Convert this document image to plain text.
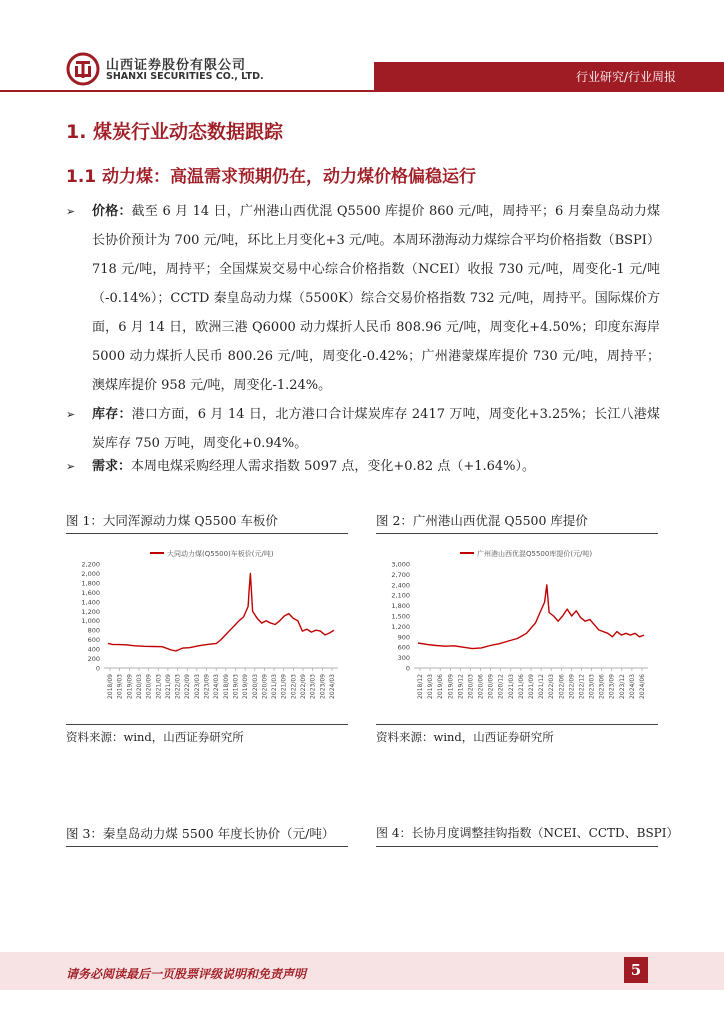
山西证券股份有限公司
SHANXI SECURITIES CO., LTD.	行业研究/行业周报
1. 煤炭行业动态数据跟踪
1.1 动力煤：高温需求预期仍在，动力煤价格偏稳运行
➢	价格：截至 6 月 14 日，广州港山西优混 Q5500 库提价 860 元/吨，周持平；6 月秦皇岛动力煤长协价预计为 700 元/吨，环比上月变化+3 元/吨。本周环渤海动力煤综合平均价格指数（BSPI）718 元/吨，周持平；全国煤炭交易中心综合价格指数（NCEI）收报 730 元/吨，周变化-1 元/吨（-0.14%）；CCTD 秦皇岛动力煤（5500K）综合交易价格指数 732 元/吨，周持平。国际煤价方面，6 月 14 日，欧洲三港 Q6000 动力煤折人民币 808.96 元/吨，周变化+4.50%；印度东海岸 5000 动力煤折人民币 800.26 元/吨，周变化-0.42%；广州港蒙煤库提价 730 元/吨，周持平；澳煤库提价 958 元/吨，周变化-1.24%。
➢	库存：港口方面，6 月 14 日，北方港口合计煤炭库存 2417 万吨，周变化+3.25%；长江八港煤炭库存 750 万吨，周变化+0.94%。
➢	需求：本周电煤采购经理人需求指数 5097 点，变化+0.82 点（+1.64%）。
图 1：大同浑源动力煤 Q5500 车板价	图 2：广州港山西优混 Q5500 库提价
大同动力煤(Q5500)车板价(元/吨)
0
200
400
600
800
1,000
1,200
1,400
1,600
1,800
2,000
2,200
2018/09 2019/03 2019/09 2020/03 2020/09 2021/03 2021/09 2022/03 2022/09 2023/03 2023/09 2024/03 2018/09 2019/03 2019/09 2020/03 2020/09 2021/03 2021/09 2022/03 2022/09 2023/03 2023/09 2024/03
广州港山西优混Q5500库提价(元/吨)
0
300
600
900
1,200
1,500
1,800
2,100
2,400
2,700
3,000
2018/12 2019/03 2019/06 2019/09 2019/12 2020/03 2020/06 2020/09 2020/12 2021/03 2021/06 2021/09 2021/12 2022/03 2022/06 2022/09 2022/12 2023/03 2023/06 2023/09 2023/12 2024/03 2024/06
资料来源：wind，山西证券研究所	资料来源：wind，山西证券研究所
图 3：秦皇岛动力煤 5500 年度长协价（元/吨）	图 4：长协月度调整挂钩指数（NCEI、CCTD、BSPI）
请务必阅读最后一页股票评级说明和免责声明	5
